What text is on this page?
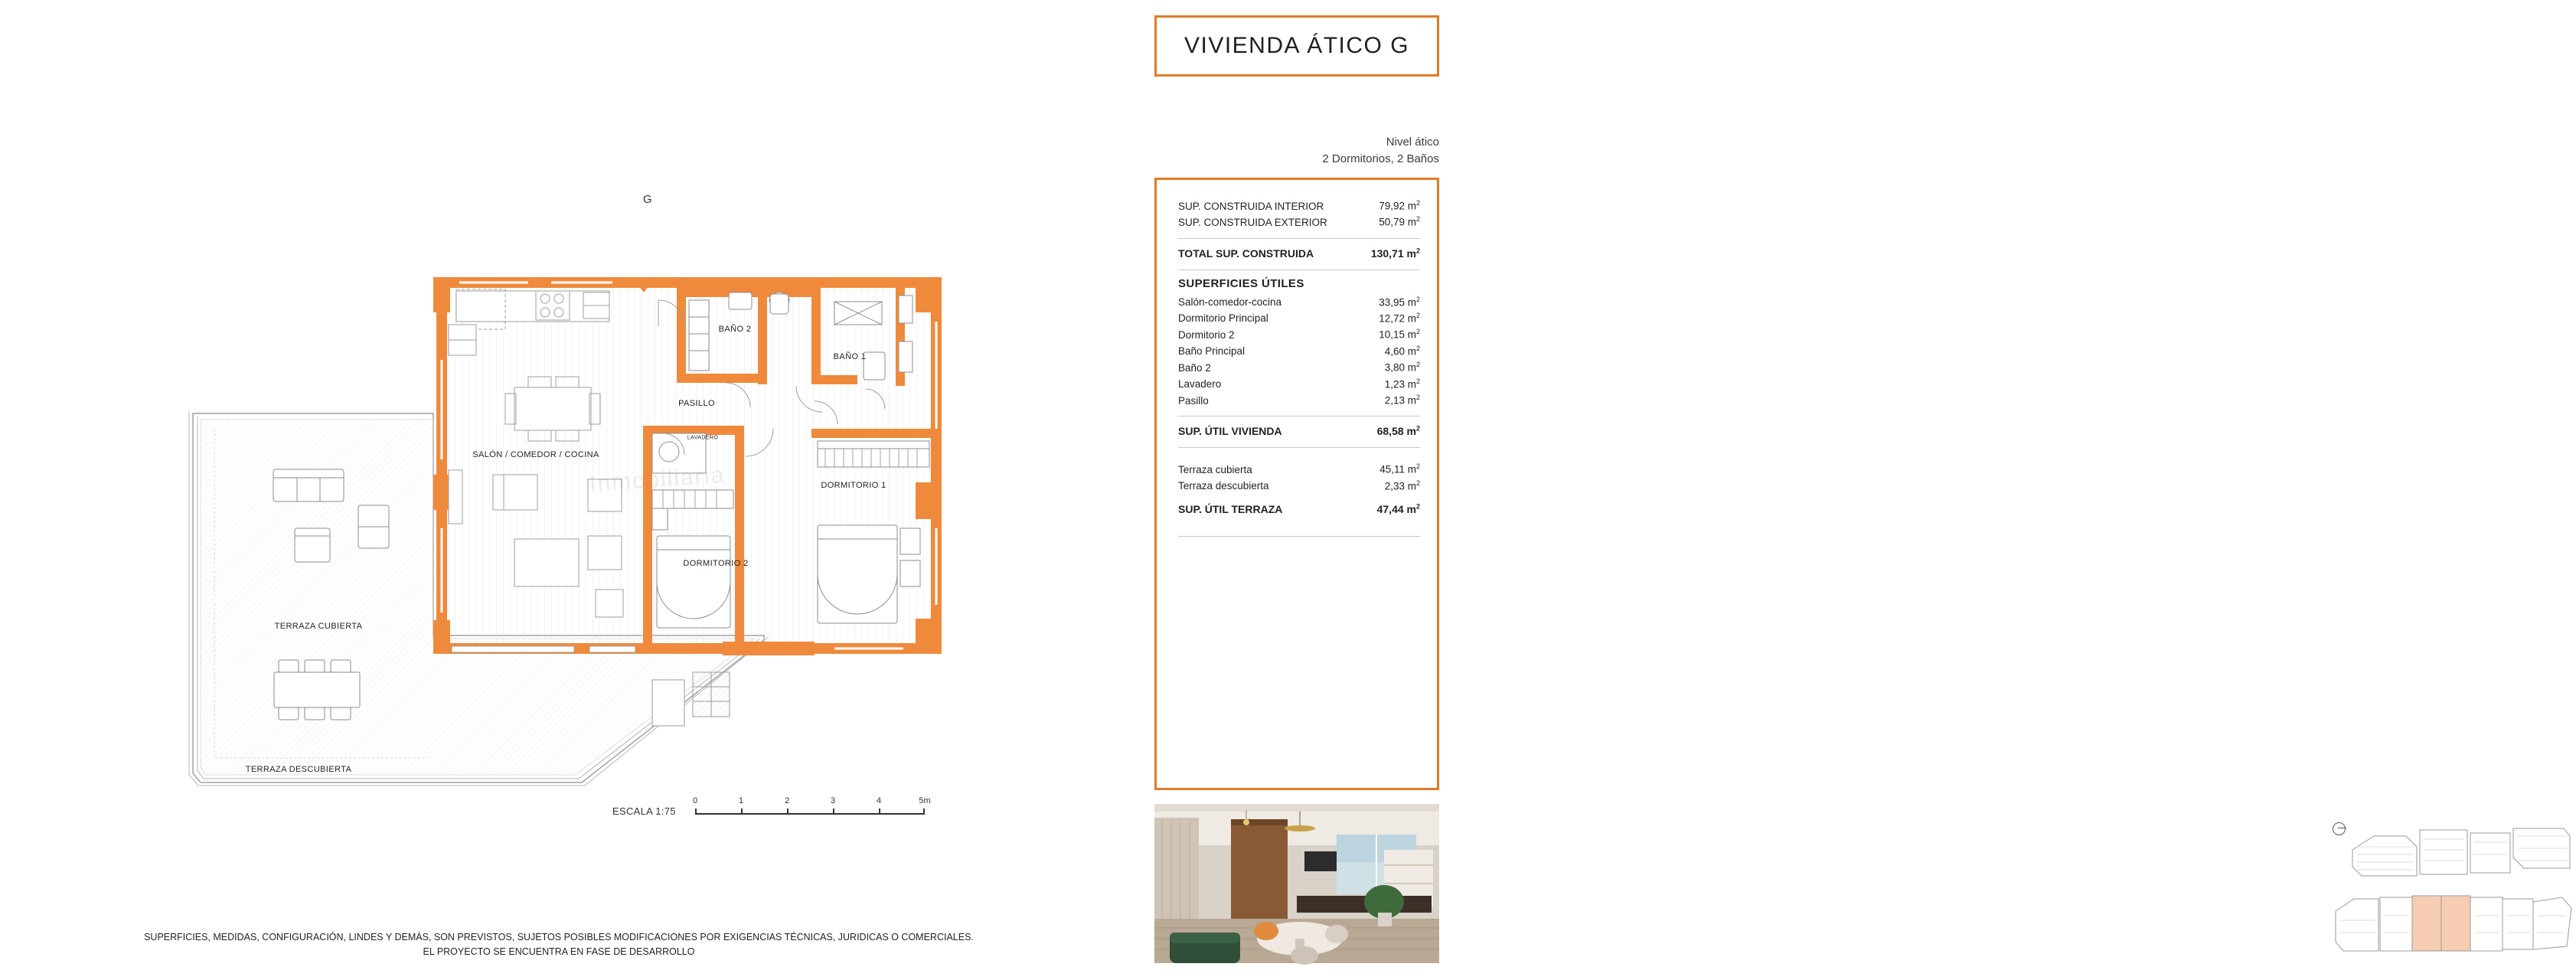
SALÓN / COMEDOR / COCINA
PASILLO
BAÑO 2
BAÑO 1
DORMITORIO 1
DORMITORIO 2
LAVADERO
TERRAZA CUBIERTA
TERRAZA DESCUBIERTA
G
ESCALA 1:75
0	1	2	3	4	5m
SUPERFICIES, MEDIDAS, CONFIGURACIÓN, LINDES Y DEMÁS, SON PREVISTOS, SUJETOS POSIBLES MODIFICACIONES POR EXIGENCIAS TÉCNICAS, JURIDICAS O COMERCIALES.
EL PROYECTO SE ENCUENTRA EN FASE DE DESARROLLO
VIVIENDA ÁTICO G
Nivel ático
2 Dormitorios, 2 Baños
SUP. CONSTRUIDA INTERIOR	79,92 $m^2$
SUP. CONSTRUIDA EXTERIOR	50,79 $m^2$
TOTAL SUP. CONSTRUIDA	130,71 $m^2$
SUPERFICIES ÚTILES
Salón-comedor-cocina	33,95 $m^2$
Dormitorio Principal	12,72 $m^2$
Dormitorio 2	10,15 $m^2$
Baño Principal	4,60 $m^2$
Baño 2	3,80 $m^2$
Lavadero	1,23 $m^2$
Pasillo	2,13 $m^2$
SUP. ÚTIL VIVIENDA	68,58 $m^2$
Terraza cubierta	45,11 $m^2$
Terraza descubierta	2,33 $m^2$
SUP. ÚTIL TERRAZA	47,44 $m^2$
N
